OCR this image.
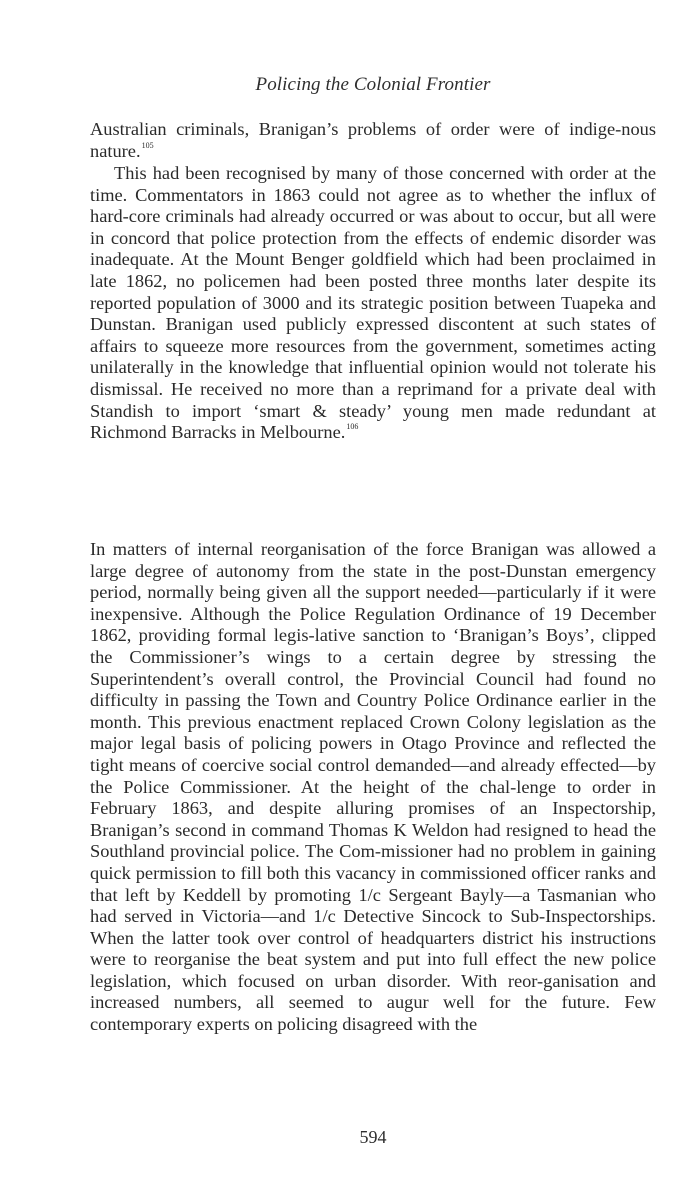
Policing the Colonial Frontier

Australian criminals, Branigan’s problems of order were of indige-nous nature.$^{105}$

This had been recognised by many of those concerned with order at the time. Commentators in 1863 could not agree as to whether the influx of hard-core criminals had already occurred or was about to occur, but all were in concord that police protection from the effects of endemic disorder was inadequate. At the Mount Benger goldfield which had been proclaimed in late 1862, no policemen had been posted three months later despite its reported population of 3000 and its strategic position between Tuapeka and Dunstan. Branigan used publicly expressed discontent at such states of affairs to squeeze more resources from the government, sometimes acting unilaterally in the knowledge that influential opinion would not tolerate his dismissal. He received no more than a reprimand for a private deal with Standish to import ‘smart & steady’ young men made redundant at Richmond Barracks in Melbourne.$^{106}$

In matters of internal reorganisation of the force Branigan was allowed a large degree of autonomy from the state in the post-Dunstan emergency period, normally being given all the support needed—particularly if it were inexpensive. Although the Police Regulation Ordinance of 19 December 1862, providing formal legis-lative sanction to ‘Branigan’s Boys’, clipped the Commissioner’s wings to a certain degree by stressing the Superintendent’s overall control, the Provincial Council had found no difficulty in passing the Town and Country Police Ordinance earlier in the month. This previous enactment replaced Crown Colony legislation as the major legal basis of policing powers in Otago Province and reflected the tight means of coercive social control demanded—and already effected—by the Police Commissioner. At the height of the chal-lenge to order in February 1863, and despite alluring promises of an Inspectorship, Branigan’s second in command Thomas K Weldon had resigned to head the Southland provincial police. The Com-missioner had no problem in gaining quick permission to fill both this vacancy in commissioned officer ranks and that left by Keddell by promoting 1/c Sergeant Bayly—a Tasmanian who had served in Victoria—and 1/c Detective Sincock to Sub-Inspectorships. When the latter took over control of headquarters district his instructions were to reorganise the beat system and put into full effect the new police legislation, which focused on urban disorder. With reor-ganisation and increased numbers, all seemed to augur well for the future. Few contemporary experts on policing disagreed with the

594
